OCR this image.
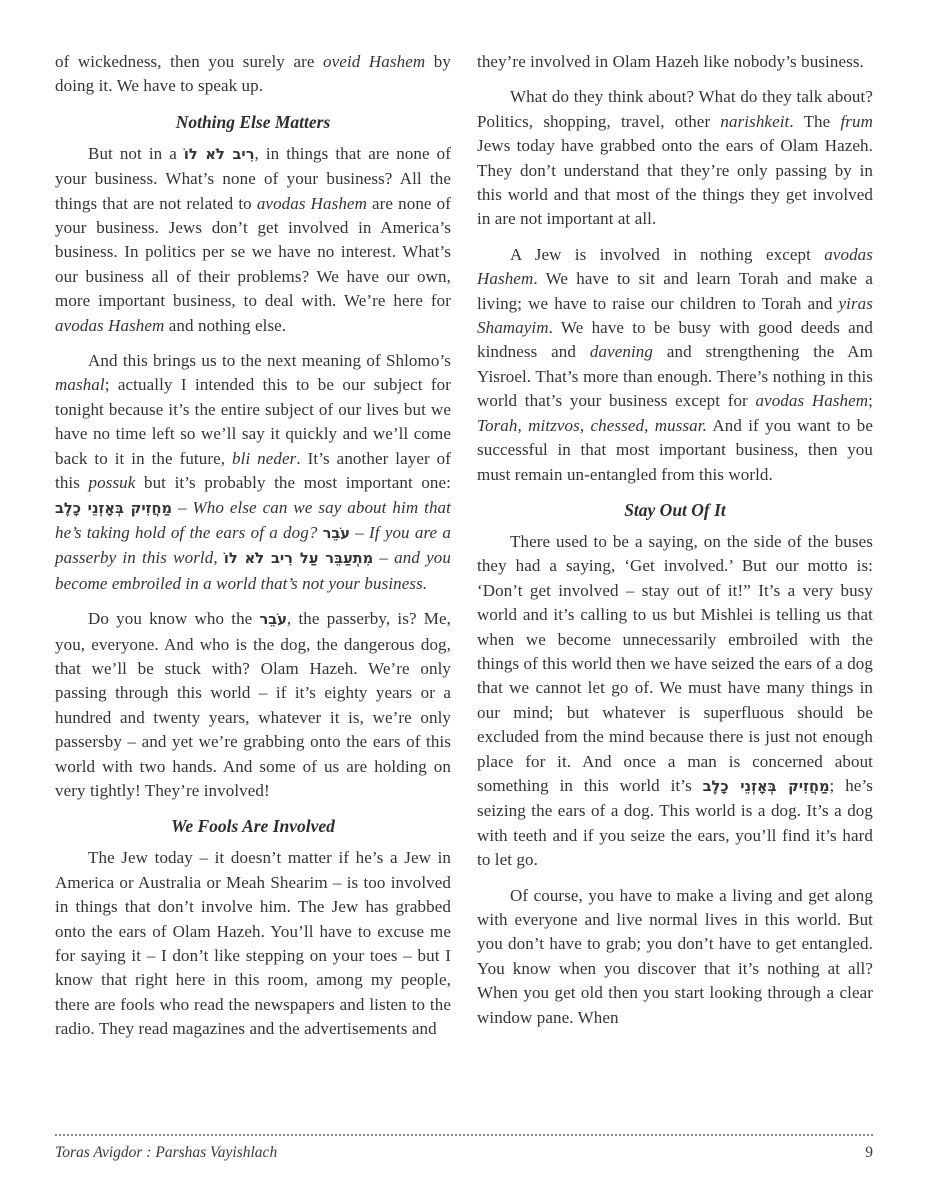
of wickedness, then you surely are oveid Hashem by doing it. We have to speak up.

Nothing Else Matters

But not in a רִיב לֹא לוֹ, in things that are none of your business. What’s none of your business? All the things that are not related to avodas Hashem are none of your business. Jews don’t get involved in America’s business. In politics per se we have no interest. What’s our business all of their problems? We have our own, more important business, to deal with. We’re here for avodas Hashem and nothing else.

And this brings us to the next meaning of Shlomo’s mashal; actually I intended this to be our subject for tonight because it’s the entire subject of our lives but we have no time left so we’ll say it quickly and we’ll come back to it in the future, bli neder. It’s another layer of this possuk but it’s probably the most important one: מַחֲזִיק בְּאָזְנֵי כָלֶב – Who else can we say about him that he’s taking hold of the ears of a dog? עֹבֵר – If you are a passerby in this world, מִתְעַבֵּר עַל רִיב לֹא לוֹ – and you become embroiled in a world that’s not your business.

Do you know who the עֹבֵר, the passerby, is? Me, you, everyone. And who is the dog, the dangerous dog, that we’ll be stuck with? Olam Hazeh. We’re only passing through this world – if it’s eighty years or a hundred and twenty years, whatever it is, we’re only passersby – and yet we’re grabbing onto the ears of this world with two hands. And some of us are holding on very tightly! They’re involved!

We Fools Are Involved

The Jew today – it doesn’t matter if he’s a Jew in America or Australia or Meah Shearim – is too involved in things that don’t involve him. The Jew has grabbed onto the ears of Olam Hazeh. You’ll have to excuse me for saying it – I don’t like stepping on your toes – but I know that right here in this room, among my people, there are fools who read the newspapers and listen to the radio. They read magazines and the advertisements and

they’re involved in Olam Hazeh like nobody’s business.

What do they think about? What do they talk about? Politics, shopping, travel, other narishkeit. The frum Jews today have grabbed onto the ears of Olam Hazeh. They don’t understand that they’re only passing by in this world and that most of the things they get involved in are not important at all.

A Jew is involved in nothing except avodas Hashem. We have to sit and learn Torah and make a living; we have to raise our children to Torah and yiras Shamayim. We have to be busy with good deeds and kindness and davening and strengthening the Am Yisroel. That’s more than enough. There’s nothing in this world that’s your business except for avodas Hashem; Torah, mitzvos, chessed, mussar. And if you want to be successful in that most important business, then you must remain un-entangled from this world.

Stay Out Of It

There used to be a saying, on the side of the buses they had a saying, ‘Get involved.’ But our motto is: ‘Don’t get involved – stay out of it!” It’s a very busy world and it’s calling to us but Mishlei is telling us that when we become unnecessarily embroiled with the things of this world then we have seized the ears of a dog that we cannot let go of. We must have many things in our mind; but whatever is superfluous should be excluded from the mind because there is just not enough place for it. And once a man is concerned about something in this world it’s מַחֲזִיק בְּאָזְנֵי כָלֶב; he’s seizing the ears of a dog. This world is a dog. It’s a dog with teeth and if you seize the ears, you’ll find it’s hard to let go.

Of course, you have to make a living and get along with everyone and live normal lives in this world. But you don’t have to grab; you don’t have to get entangled. You know when you discover that it’s nothing at all? When you get old then you start looking through a clear window pane. When

Toras Avigdor : Parshas Vayishlach	9
